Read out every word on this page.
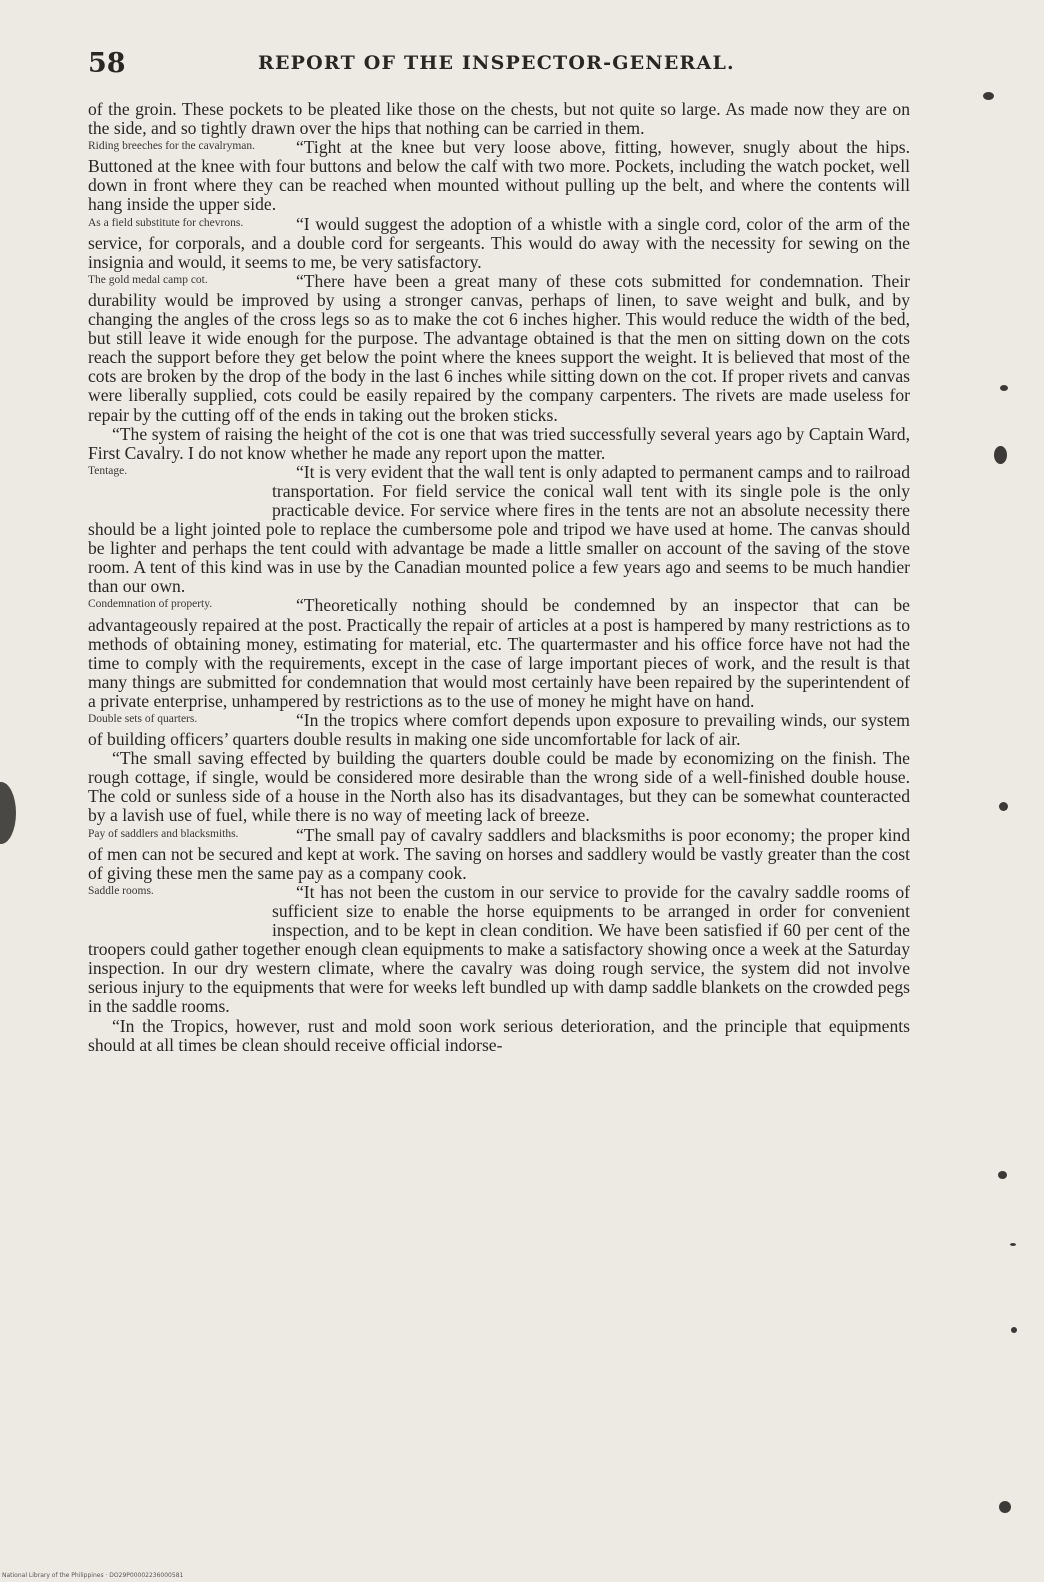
58	REPORT OF THE INSPECTOR-GENERAL.

of the groin. These pockets to be pleated like those on the chests, but not quite so large. As made now they are on the side, and so tightly drawn over the hips that nothing can be carried in them.

Riding breeches for the cavalryman.	“Tight at the knee but very loose above, fitting, however, snugly about the hips. Buttoned at the knee with four buttons and below the calf with two more. Pockets, including the watch pocket, well down in front where they can be reached when mounted without pulling up the belt, and where the contents will hang inside the upper side.

As a field substitute for chevrons.	“I would suggest the adoption of a whistle with a single cord, color of the arm of the service, for corporals, and a double cord for sergeants. This would do away with the necessity for sewing on the insignia and would, it seems to me, be very satisfactory.

The gold medal camp cot.	“There have been a great many of these cots submitted for condemnation. Their durability would be improved by using a stronger canvas, perhaps of linen, to save weight and bulk, and by changing the angles of the cross legs so as to make the cot 6 inches higher. This would reduce the width of the bed, but still leave it wide enough for the purpose. The advantage obtained is that the men on sitting down on the cots reach the support before they get below the point where the knees support the weight. It is believed that most of the cots are broken by the drop of the body in the last 6 inches while sitting down on the cot. If proper rivets and canvas were liberally supplied, cots could be easily repaired by the company carpenters. The rivets are made useless for repair by the cutting off of the ends in taking out the broken sticks.

“The system of raising the height of the cot is one that was tried successfully several years ago by Captain Ward, First Cavalry. I do not know whether he made any report upon the matter.

Tentage.	“It is very evident that the wall tent is only adapted to permanent camps and to railroad transportation. For field service the conical wall tent with its single pole is the only practicable device. For service where fires in the tents are not an absolute necessity there should be a light jointed pole to replace the cumbersome pole and tripod we have used at home. The canvas should be lighter and perhaps the tent could with advantage be made a little smaller on account of the saving of the stove room. A tent of this kind was in use by the Canadian mounted police a few years ago and seems to be much handier than our own.

Condemnation of property.	“Theoretically nothing should be condemned by an inspector that can be advantageously repaired at the post. Practically the repair of articles at a post is hampered by many restrictions as to methods of obtaining money, estimating for material, etc. The quartermaster and his office force have not had the time to comply with the requirements, except in the case of large important pieces of work, and the result is that many things are submitted for condemnation that would most certainly have been repaired by the superintendent of a private enterprise, unhampered by restrictions as to the use of money he might have on hand.

Double sets of quarters.	“In the tropics where comfort depends upon exposure to prevailing winds, our system of building officers’ quarters double results in making one side uncomfortable for lack of air.

“The small saving effected by building the quarters double could be made by economizing on the finish. The rough cottage, if single, would be considered more desirable than the wrong side of a well-finished double house. The cold or sunless side of a house in the North also has its disadvantages, but they can be somewhat counteracted by a lavish use of fuel, while there is no way of meeting lack of breeze.

Pay of saddlers and blacksmiths.	“The small pay of cavalry saddlers and blacksmiths is poor economy; the proper kind of men can not be secured and kept at work. The saving on horses and saddlery would be vastly greater than the cost of giving these men the same pay as a company cook.

Saddle rooms.	“It has not been the custom in our service to provide for the cavalry saddle rooms of sufficient size to enable the horse equipments to be arranged in order for convenient inspection, and to be kept in clean condition. We have been satisfied if 60 per cent of the troopers could gather together enough clean equipments to make a satisfactory showing once a week at the Saturday inspection. In our dry western climate, where the cavalry was doing rough service, the system did not involve serious injury to the equipments that were for weeks left bundled up with damp saddle blankets on the crowded pegs in the saddle rooms.

“In the Tropics, however, rust and mold soon work serious deterioration, and the principle that equipments should at all times be clean should receive official indorse-

National Library of the Philippines · DO29P00002236000581
